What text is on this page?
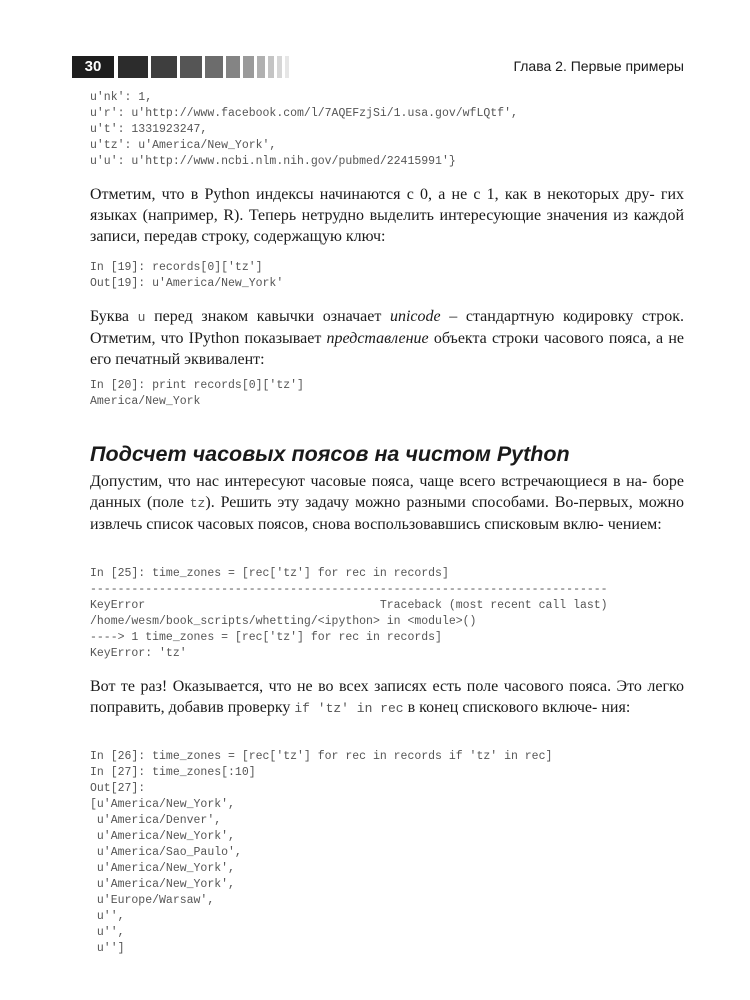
30	Глава 2. Первые примеры
u'nk': 1,
u'r': u'http://www.facebook.com/l/7AQEFzjSi/1.usa.gov/wfLQtf',
u't': 1331923247,
u'tz': u'America/New_York',
u'u': u'http://www.ncbi.nlm.nih.gov/pubmed/22415991'}
Отметим, что в Python индексы начинаются с 0, а не с 1, как в некоторых дру- гих языках (например, R). Теперь нетрудно выделить интересующие значения из каждой записи, передав строку, содержащую ключ:
In [19]: records[0]['tz']
Out[19]: u'America/New_York'
Буква u перед знаком кавычки означает unicode – стандартную кодировку строк. Отметим, что IPython показывает представление объекта строки часового пояса, а не его печатный эквивалент:
In [20]: print records[0]['tz']
America/New_York
Подсчет часовых поясов на чистом Python
Допустим, что нас интересуют часовые пояса, чаще всего встречающиеся в на- боре данных (поле tz). Решить эту задачу можно разными способами. Во-первых, можно извлечь список часовых поясов, снова воспользовавшись списковым вклю- чением:
In [25]: time_zones = [rec['tz'] for rec in records]
---------------------------------------------------------------------------
KeyError                                  Traceback (most recent call last)
/home/wesm/book_scripts/whetting/<ipython> in <module>()
----> 1 time_zones = [rec['tz'] for rec in records]
KeyError: 'tz'
Вот те раз! Оказывается, что не во всех записях есть поле часового пояса. Это легко поправить, добавив проверку if 'tz' in rec в конец спискового включе- ния:
In [26]: time_zones = [rec['tz'] for rec in records if 'tz' in rec]
In [27]: time_zones[:10]
Out[27]:
[u'America/New_York',
u'America/Denver',
u'America/New_York',
u'America/Sao_Paulo',
u'America/New_York',
u'America/New_York',
u'Europe/Warsaw',
u'',
u'',
u'']
